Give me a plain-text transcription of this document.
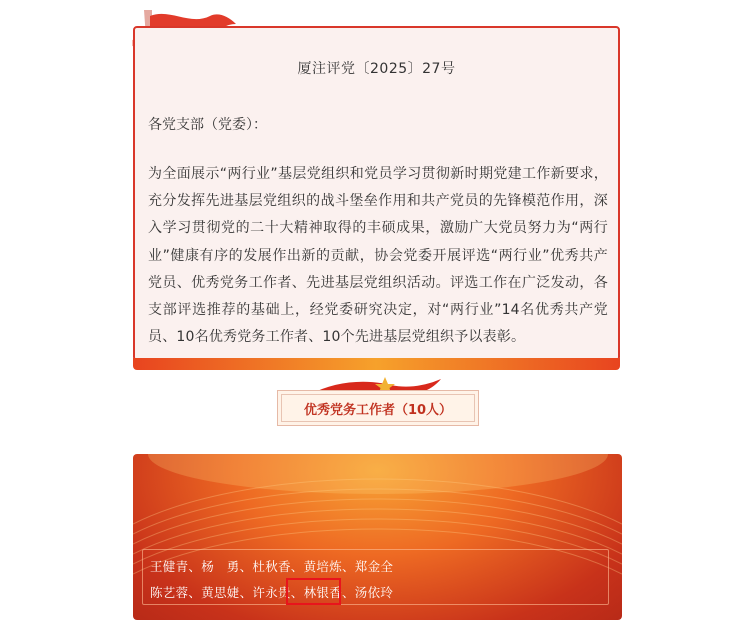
厦注评党〔2025〕27号
各党支部（党委）：
为全面展示“两行业”基层党组织和党员学习贯彻新时期党建工作新要求，充分发挥先进基层党组织的战斗堡垒作用和共产党员的先锋模范作用，深入学习贯彻党的二十大精神取得的丰硕成果，激励广大党员努力为“两行业”健康有序的发展作出新的贡献，协会党委开展评选“两行业”优秀共产党员、优秀党务工作者、先进基层党组织活动。评选工作在广泛发动，各支部评选推荐的基础上，经党委研究决定，对“两行业”14名优秀共产党员、10名优秀党务工作者、10个先进基层党组织予以表彰。
优秀党务工作者（10人）
王健青、杨　勇、杜秋香、黄培炼、郑金全
陈艺蓉、黄思婕、许永贵、林银香、汤依玲
